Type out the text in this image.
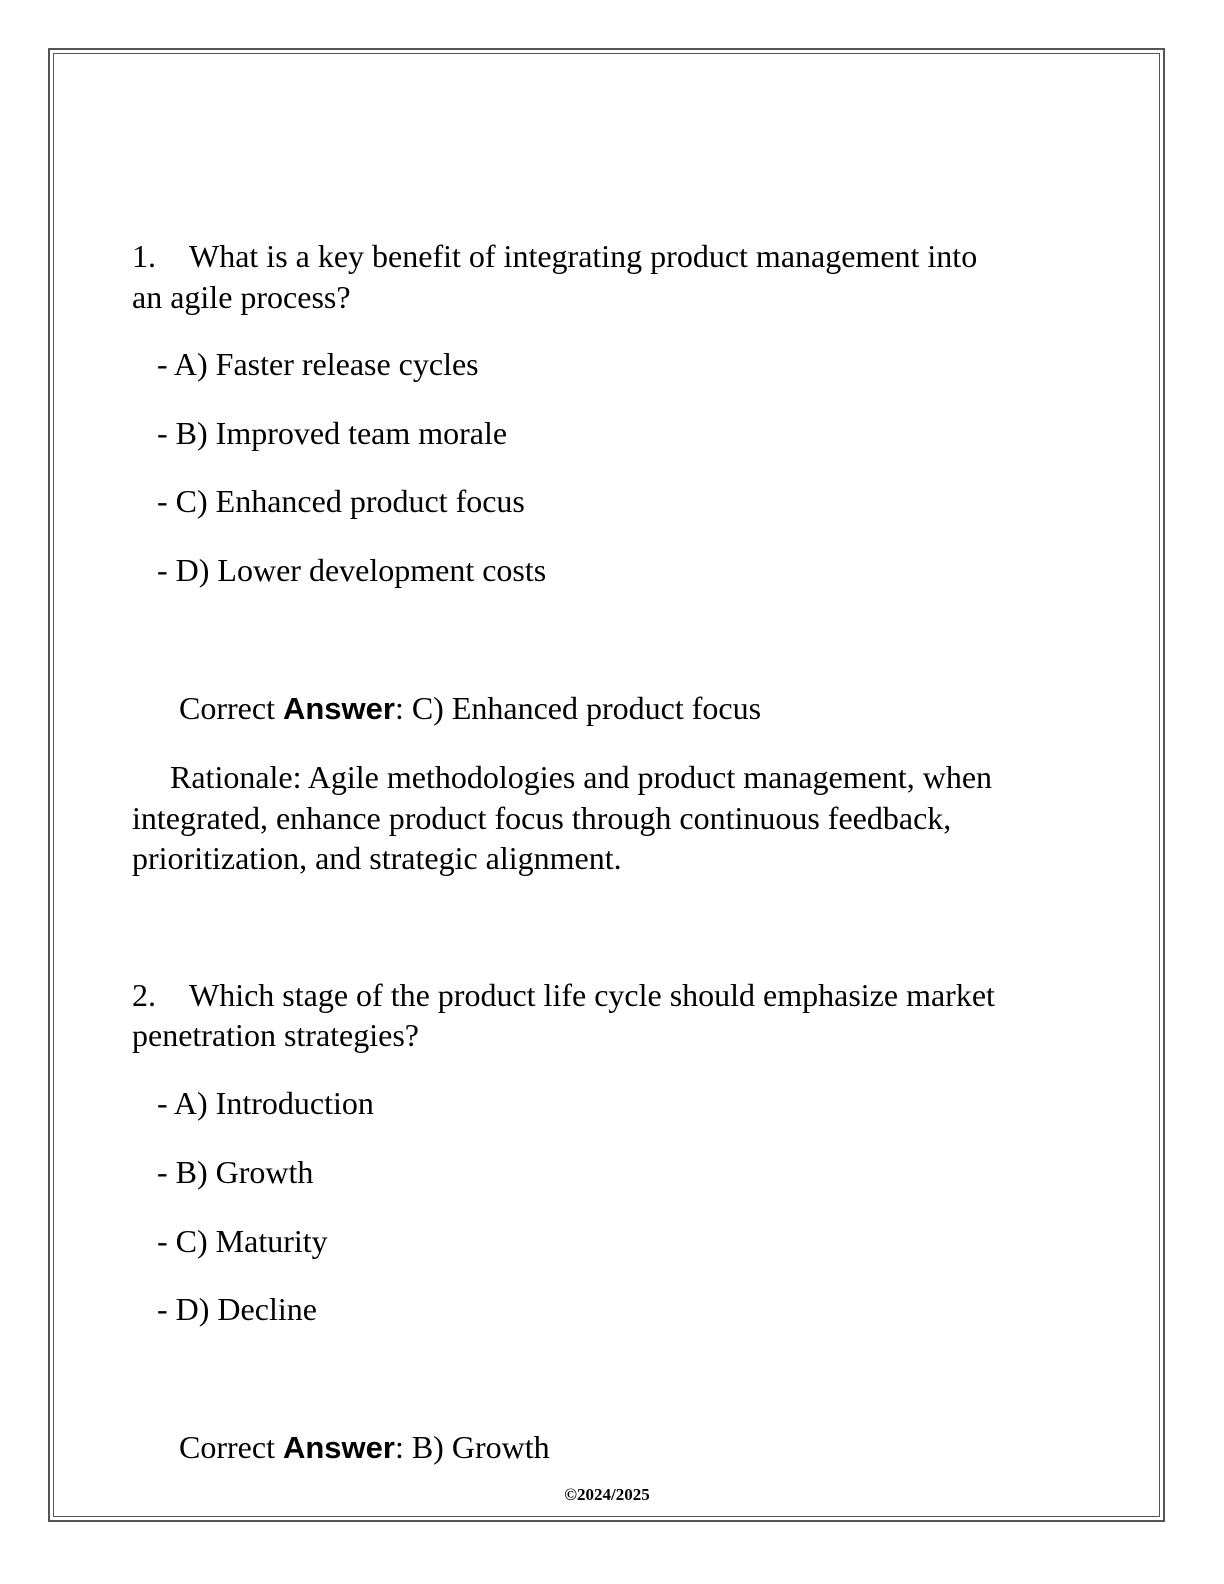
1. What is a key benefit of integrating product management into
an agile process?
- A) Faster release cycles
- B) Improved team morale
- C) Enhanced product focus
- D) Lower development costs
Correct Answer: C) Enhanced product focus
Rationale: Agile methodologies and product management, when
integrated, enhance product focus through continuous feedback,
prioritization, and strategic alignment.
2. Which stage of the product life cycle should emphasize market
penetration strategies?
- A) Introduction
- B) Growth
- C) Maturity
- D) Decline
Correct Answer: B) Growth
©2024/2025
